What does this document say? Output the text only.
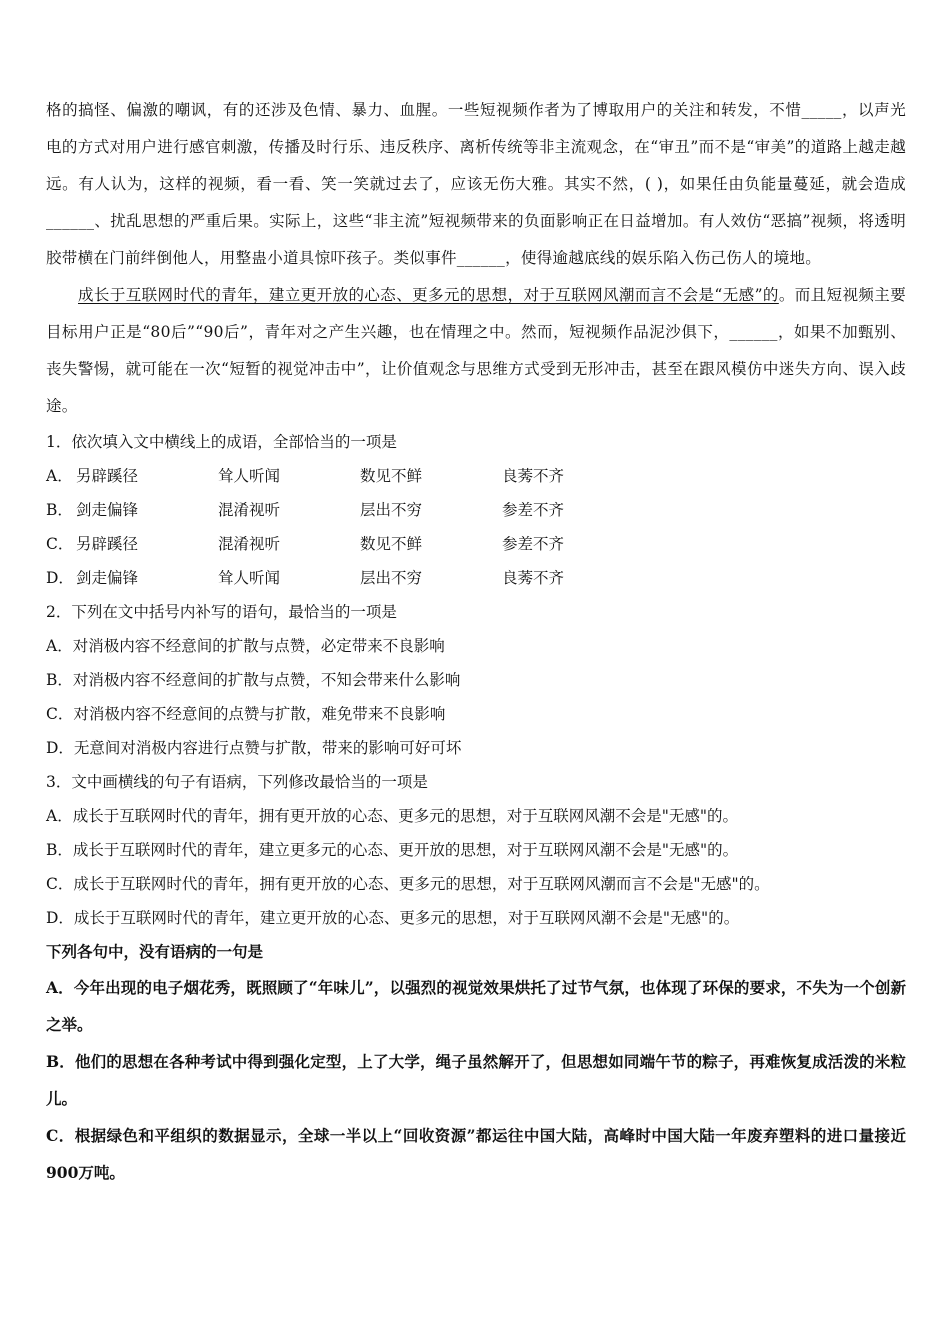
格的搞怪、偏激的嘲讽，有的还涉及色情、暴力、血腥。一些短视频作者为了博取用户的关注和转发，不惜_____，以声光电的方式对用户进行感官刺激，传播及时行乐、违反秩序、离析传统等非主流观念，在“审丑”而不是“审美”的道路上越走越远。有人认为，这样的视频，看一看、笑一笑就过去了，应该无伤大雅。其实不然，( )，如果任由负能量蔓延，就会造成______、扰乱思想的严重后果。实际上，这些“非主流”短视频带来的负面影响正在日益增加。有人效仿“恶搞”视频，将透明胶带横在门前绊倒他人，用整蛊小道具惊吓孩子。类似事件______，使得逾越底线的娱乐陷入伤己伤人的境地。

成长于互联网时代的青年，建立更开放的心态、更多元的思想，对于互联网风潮而言不会是“无感”的。而且短视频主要目标用户正是“80后”“90后”，青年对之产生兴趣，也在情理之中。然而，短视频作品泥沙俱下，______，如果不加甄别、丧失警惕，就可能在一次“短暂的视觉冲击中”，让价值观念与思维方式受到无形冲击，甚至在跟风模仿中迷失方向、误入歧途。

1．依次填入文中横线上的成语，全部恰当的一项是

A． 另辟蹊径	耸人听闻	数见不鲜	良莠不齐
B． 剑走偏锋	混淆视听	层出不穷	参差不齐
C． 另辟蹊径	混淆视听	数见不鲜	参差不齐
D． 剑走偏锋	耸人听闻	层出不穷	良莠不齐

2．下列在文中括号内补写的语句，最恰当的一项是

A．对消极内容不经意间的扩散与点赞，必定带来不良影响

B．对消极内容不经意间的扩散与点赞，不知会带来什么影响

C．对消极内容不经意间的点赞与扩散，难免带来不良影响

D．无意间对消极内容进行点赞与扩散，带来的影响可好可坏

3．文中画横线的句子有语病，下列修改最恰当的一项是

A．成长于互联网时代的青年，拥有更开放的心态、更多元的思想，对于互联网风潮不会是"无感"的。

B．成长于互联网时代的青年，建立更多元的心态、更开放的思想，对于互联网风潮不会是"无感"的。

C．成长于互联网时代的青年，拥有更开放的心态、更多元的思想，对于互联网风潮而言不会是"无感"的。

D．成长于互联网时代的青年，建立更开放的心态、更多元的思想，对于互联网风潮不会是"无感"的。

下列各句中，没有语病的一句是

A．今年出现的电子烟花秀，既照顾了“年味儿”，以强烈的视觉效果烘托了过节气氛，也体现了环保的要求，不失为一个创新之举。

B．他们的思想在各种考试中得到强化定型，上了大学，绳子虽然解开了，但思想如同端午节的粽子，再难恢复成活泼的米粒儿。

C．根据绿色和平组织的数据显示，全球一半以上“回收资源”都运往中国大陆，高峰时中国大陆一年废弃塑料的进口量接近900万吨。
